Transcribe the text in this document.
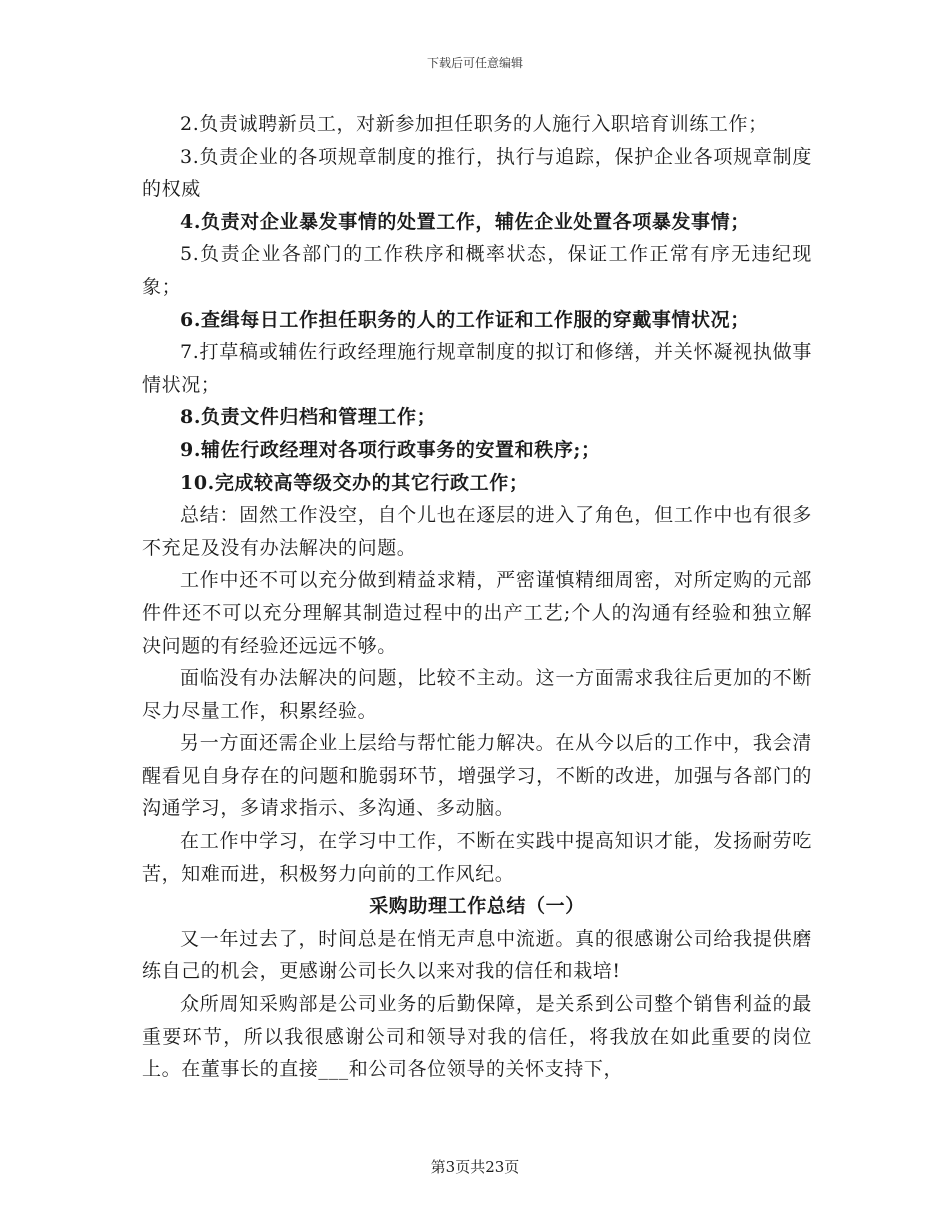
下载后可任意编辑

2.负责诚聘新员工，对新参加担任职务的人施行入职培育训练工作；

3.负责企业的各项规章制度的推行，执行与追踪，保护企业各项规章制度的权威

4.负责对企业暴发事情的处置工作，辅佐企业处置各项暴发事情；

5.负责企业各部门的工作秩序和概率状态，保证工作正常有序无违纪现象；

6.查缉每日工作担任职务的人的工作证和工作服的穿戴事情状况；

7.打草稿或辅佐行政经理施行规章制度的拟订和修缮，并关怀凝视执做事情状况；

8.负责文件归档和管理工作；

9.辅佐行政经理对各项行政事务的安置和秩序;；

10.完成较高等级交办的其它行政工作；

总结：固然工作没空，自个儿也在逐层的进入了角色，但工作中也有很多不充足及没有办法解决的问题。

工作中还不可以充分做到精益求精，严密谨慎精细周密，对所定购的元部件件还不可以充分理解其制造过程中的出产工艺;个人的沟通有经验和独立解决问题的有经验还远远不够。

面临没有办法解决的问题，比较不主动。这一方面需求我往后更加的不断尽力尽量工作，积累经验。

另一方面还需企业上层给与帮忙能力解决。在从今以后的工作中，我会清醒看见自身存在的问题和脆弱环节，增强学习，不断的改进，加强与各部门的沟通学习，多请求指示、多沟通、多动脑。

在工作中学习，在学习中工作，不断在实践中提高知识才能，发扬耐劳吃苦，知难而进，积极努力向前的工作风纪。

采购助理工作总结（一）

又一年过去了，时间总是在悄无声息中流逝。真的很感谢公司给我提供磨练自己的机会，更感谢公司长久以来对我的信任和栽培!

众所周知采购部是公司业务的后勤保障，是关系到公司整个销售利益的最重要环节，所以我很感谢公司和领导对我的信任，将我放在如此重要的岗位上。在董事长的直接___和公司各位领导的关怀支持下，

第3页共23页
